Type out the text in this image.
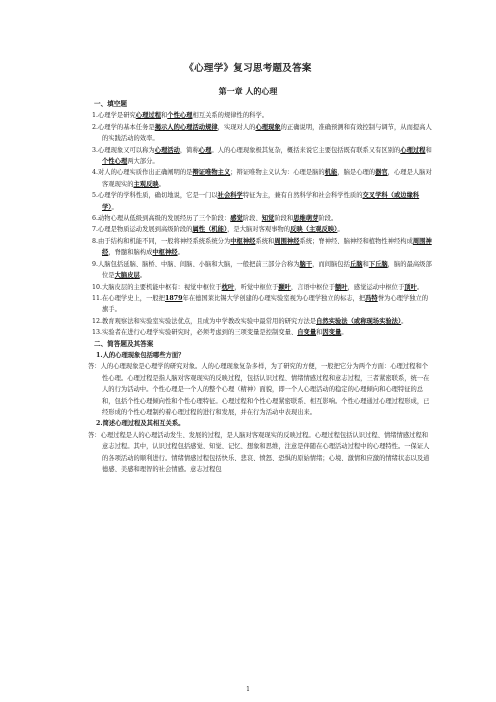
《心理学》复习思考题及答案
第一章 人的心理
一、填空题
1.心理学是研究心理过程和个性心理相互关系的规律性的科学。
2.心理学的基本任务是揭示人的心理活动规律，实现对人的心理现象的正确说明，准确预测和有效控制与调节，从而提高人的实践活动的效率。
3.心理现象又可以称为心理活动，简称心理。人的心理现象极其复杂，概括来说它主要包括既有联系又有区别的心理过程和个性心理两大部分。
4.对人的心理实质作出正确阐明的是辩证唯物主义；辩证唯物主义认为：心理是脑的机能，脑是心理的器官，心理是人脑对客观现实的主观反映。
5.心理学的学科性质，确切地说，它是一门以社会科学特征为主，兼有自然科学和社会科学性质的交叉学科（或边缘科学）。
6.动物心理从低级到高级的发展经历了三个阶段：感觉阶段、知觉阶段和思维萌芽阶段。
7.心理是物质运动发展到高级阶段的属性（机能），是大脑对客观事物的反映（主观反映）。
8.由于结构和机能不同，一般将神经系统系统分为中枢神经系统和周围神经系统；脊神经、脑神经和植物性神经构成周围神经，脊髓和脑构成中枢神经。
9.人脑包括延脑、脑桥、中脑、间脑、小脑和大脑，一般把前三部分合称为脑干，而间脑包括丘脑和下丘脑，脑的最高级部位是大脑皮层。
10.大脑皮层的主要机能中枢有：视觉中枢位于枕叶，听觉中枢位于颞叶，言语中枢位于额叶，感觉运动中枢位于顶叶。
11.在心理学史上，一般把1879年在德国莱比锡大学创建的心理实验室视为心理学独立的标志，把冯特誉为心理学独立的旗手。
12.教育观察法和实验室实验法优点，且成为中学教改实验中最常用的研究方法是自然实验法（或称现场实验法）。
13.实验者在进行心理学实验研究时，必须考虑到的三项变量是控制变量、自变量和因变量。
二、简答题及其答案
1.人的心理现象包括哪些方面？
答：人的心理现象是心理学的研究对象。人的心理现象复杂多样，为了研究的方便，一般把它分为两个方面：心理过程和个性心理。心理过程是指人脑对客观现实的反映过程，包括认识过程、情绪情感过程和意志过程，三者紧密联系，统一在人的行为活动中。个性心理是一个人的整个心理（精神）面貌，即一个人心理活动的稳定的心理倾向和心理特征的总和，包括个性心理倾向性和个性心理特征。心理过程和个性心理紧密联系、相互影响。个性心理通过心理过程形成，已经形成的个性心理制约着心理过程的进行和发展，并在行为活动中表现出来。
2.简述心理过程及其相互关系。
答：心理过程是人的心理活动发生、发展的过程，是人脑对客观现实的反映过程。心理过程包括认识过程、情绪情感过程和意志过程。其中，认识过程包括感觉、知觉、记忆、想象和思维，注意是伴随在心理活动过程中的心理特性。一保证人的各项活动的顺利进行。情绪情感过程包括快乐、悲哀、愤怒、恐惧的原始情绪；心境、激情和应激的情绪状态以及道德感、美感和理智的社会情感。意志过程包
1
